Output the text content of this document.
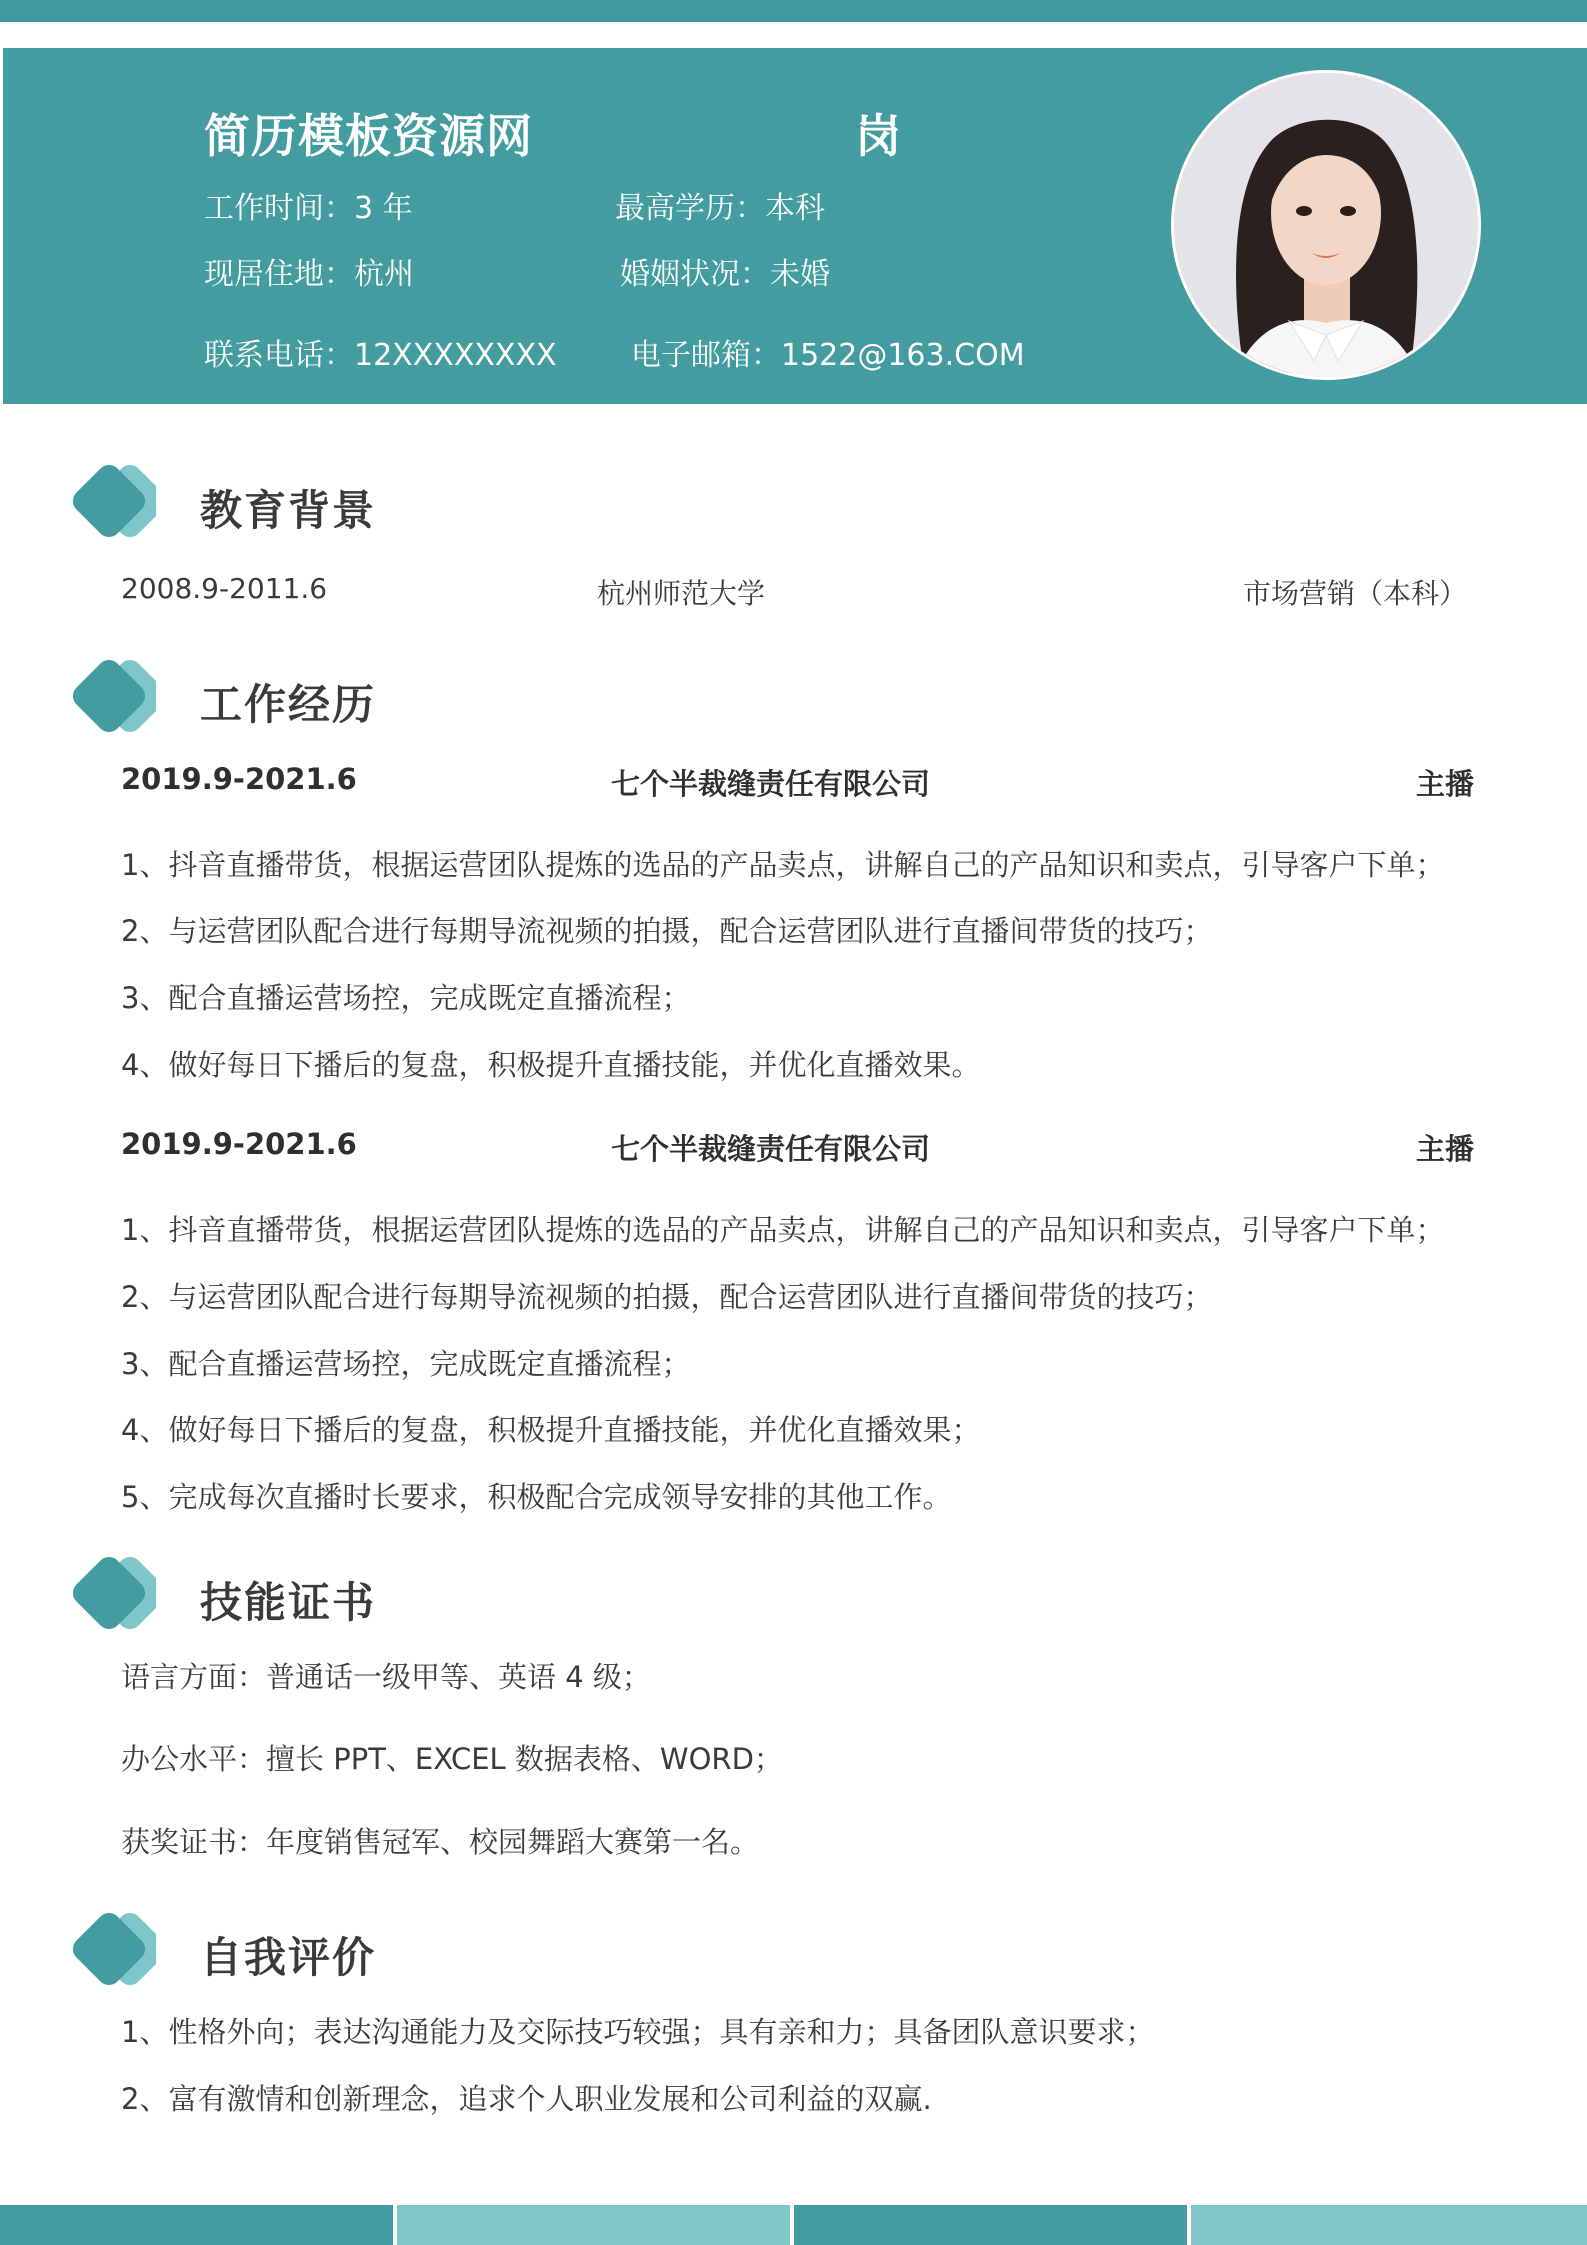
简历模板资源网	岗
工作时间：3 年	最高学历：本科
现居住地：杭州	婚姻状况：未婚
联系电话：12XXXXXXXX 电子邮箱：1522@163.COM
教育背景
2008.9-2011.6	杭州师范大学	市场营销（本科）
工作经历
2019.9-2021.6	七个半裁缝责任有限公司	主播
1、抖音直播带货，根据运营团队提炼的选品的产品卖点，讲解自己的产品知识和卖点，引导客户下单；
2、与运营团队配合进行每期导流视频的拍摄，配合运营团队进行直播间带货的技巧；
3、配合直播运营场控，完成既定直播流程；
4、做好每日下播后的复盘，积极提升直播技能，并优化直播效果。
2019.9-2021.6	七个半裁缝责任有限公司	主播
1、抖音直播带货，根据运营团队提炼的选品的产品卖点，讲解自己的产品知识和卖点，引导客户下单；
2、与运营团队配合进行每期导流视频的拍摄，配合运营团队进行直播间带货的技巧；
3、配合直播运营场控，完成既定直播流程；
4、做好每日下播后的复盘，积极提升直播技能，并优化直播效果；
5、完成每次直播时长要求，积极配合完成领导安排的其他工作。
技能证书
语言方面：普通话一级甲等、英语 4 级；
办公水平：擅长 PPT、EXCEL 数据表格、WORD；
获奖证书：年度销售冠军、校园舞蹈大赛第一名。
自我评价
1、性格外向；表达沟通能力及交际技巧较强；具有亲和力；具备团队意识要求；
2、富有激情和创新理念，追求个人职业发展和公司利益的双赢.
